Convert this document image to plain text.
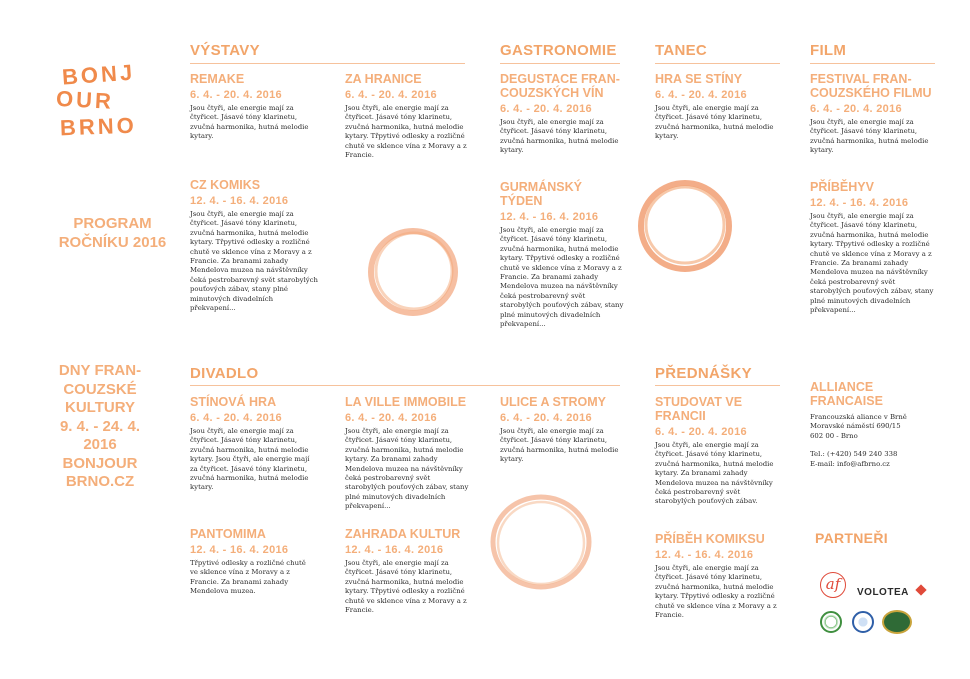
BONJ
OUR
BRNO
PROGRAM
ROČNÍKU 2016
DNY FRAN-
COUZSKÉ
KULTURY
9. 4. - 24. 4.
2016
BONJOUR
BRNO.CZ
VÝSTAVY	GASTRONOMIE	TANEC	FILM
DIVADLO	PŘEDNÁŠKY
REMAKE
6. 4. - 20. 4. 2016
Jsou čtyři, ale energie mají za čtyřicet. Jásavé tóny klarinetu, zvučná harmonika, hutná melodie kytary.
CZ KOMIKS
12. 4. - 16. 4. 2016
Jsou čtyři, ale energie mají za čtyřicet. Jásavé tóny klarinetu, zvučná harmonika, hutná melodie kytary. Třpytivé odlesky a rozličné chutě ve sklence vína z Moravy a z Francie. Za branami zahady Mendelova muzea na návštěvníky čeká pestrobarevný svět starobylých pouťových zábav, stany plné minutových divadelních překvapení...
ZA HRANICE
6. 4. - 20. 4. 2016
Jsou čtyři, ale energie mají za čtyřicet. Jásavé tóny klarinetu, zvučná harmonika, hutná melodie kytary. Třpytivé odlesky a rozličné chutě ve sklence vína z Moravy a z Francie.
DEGUSTACE FRAN-
COUZSKÝCH VÍN
6. 4. - 20. 4. 2016
Jsou čtyři, ale energie mají za čtyřicet. Jásavé tóny klarinetu, zvučná harmonika, hutná melodie kytary.
GURMÁNSKÝ TÝDEN
12. 4. - 16. 4. 2016
Jsou čtyři, ale energie mají za čtyřicet. Jásavé tóny klarinetu, zvučná harmonika, hutná melodie kytary. Třpytivé odlesky a rozličné chutě ve sklence vína z Moravy a z Francie. Za branami zahady Mendelova muzea na návštěvníky čeká pestrobarevný svět starobylých pouťových zábav, stany plné minutových divadelních překvapení...
HRA SE STÍNY
6. 4. - 20. 4. 2016
Jsou čtyři, ale energie mají za čtyřicet. Jásavé tóny klarinetu, zvučná harmonika, hutná melodie kytary.
FESTIVAL FRAN-
COUZSKÉHO FILMU
6. 4. - 20. 4. 2016
Jsou čtyři, ale energie mají za čtyřicet. Jásavé tóny klarinetu, zvučná harmonika, hutná melodie kytary.
PŘÍBĚHYV
12. 4. - 16. 4. 2016
Jsou čtyři, ale energie mají za čtyřicet. Jásavé tóny klarinetu, zvučná harmonika, hutná melodie kytary. Třpytivé odlesky a rozličné chutě ve sklence vína z Moravy a z Francie. Za branami zahady Mendelova muzea na návštěvníky čeká pestrobarevný svět starobylých pouťových zábav, stany plné minutových divadelních překvapení...
STÍNOVÁ HRA
6. 4. - 20. 4. 2016
Jsou čtyři, ale energie mají za čtyřicet. Jásavé tóny klarinetu, zvučná harmonika, hutná melodie kytary. Jsou čtyři, ale energie mají za čtyřicet. Jásavé tóny klarinetu, zvučná harmonika, hutná melodie kytary.
LA VILLE IMMOBILE
6. 4. - 20. 4. 2016
Jsou čtyři, ale energie mají za čtyřicet. Jásavé tóny klarinetu, zvučná harmonika, hutná melodie kytary. Za branami zahady Mendelova muzea na návštěvníky čeká pestrobarevný svět starobylých pouťových zábav, stany plné minutových divadelních překvapení...
ULICE A STROMY
6. 4. - 20. 4. 2016
Jsou čtyři, ale energie mají za čtyřicet. Jásavé tóny klarinetu, zvučná harmonika, hutná melodie kytary.
PANTOMIMA
12. 4. - 16. 4. 2016
Třpytivé odlesky a rozličné chutě ve sklence vína z Moravy a z Francie. Za branami zahady Mendelova muzea.
ZAHRADA KULTUR
12. 4. - 16. 4. 2016
Jsou čtyři, ale energie mají za čtyřicet. Jásavé tóny klarinetu, zvučná harmonika, hutná melodie kytary. Třpytivé odlesky a rozličné chutě ve sklence vína z Moravy a z Francie.
STUDOVAT VE
FRANCII
6. 4. - 20. 4. 2016
Jsou čtyři, ale energie mají za čtyřicet. Jásavé tóny klarinetu, zvučná harmonika, hutná melodie kytary. Za branami zahady Mendelova muzea na návštěvníky čeká pestrobarevný svět starobylých pouťových zábav.
PŘÍBĚH KOMIKSU
12. 4. - 16. 4. 2016
Jsou čtyři, ale energie mají za čtyřicet. Jásavé tóny klarinetu, zvučná harmonika, hutná melodie kytary. Třpytivé odlesky a rozličné chutě ve sklence vína z Moravy a z Francie.
ALLIANCE
FRANCAISE
Francouzská aliance v Brně
Moravské náměstí 690/15
602 00 - Brno
Tel.: (+420) 549 240 338
E-mail: info@afbrno.cz
PARTNEŘI
af	VOLOTEA
